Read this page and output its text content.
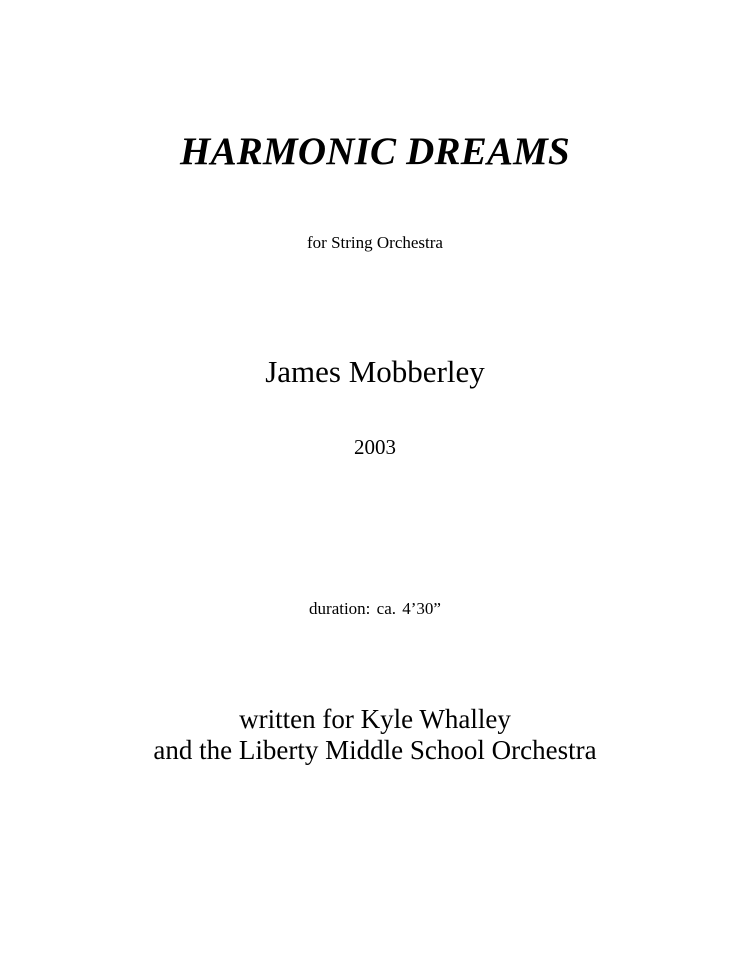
HARMONIC DREAMS
for String Orchestra
James Mobberley
2003
duration: ca. 4’30”
written for Kyle Whalley
and the Liberty Middle School Orchestra
